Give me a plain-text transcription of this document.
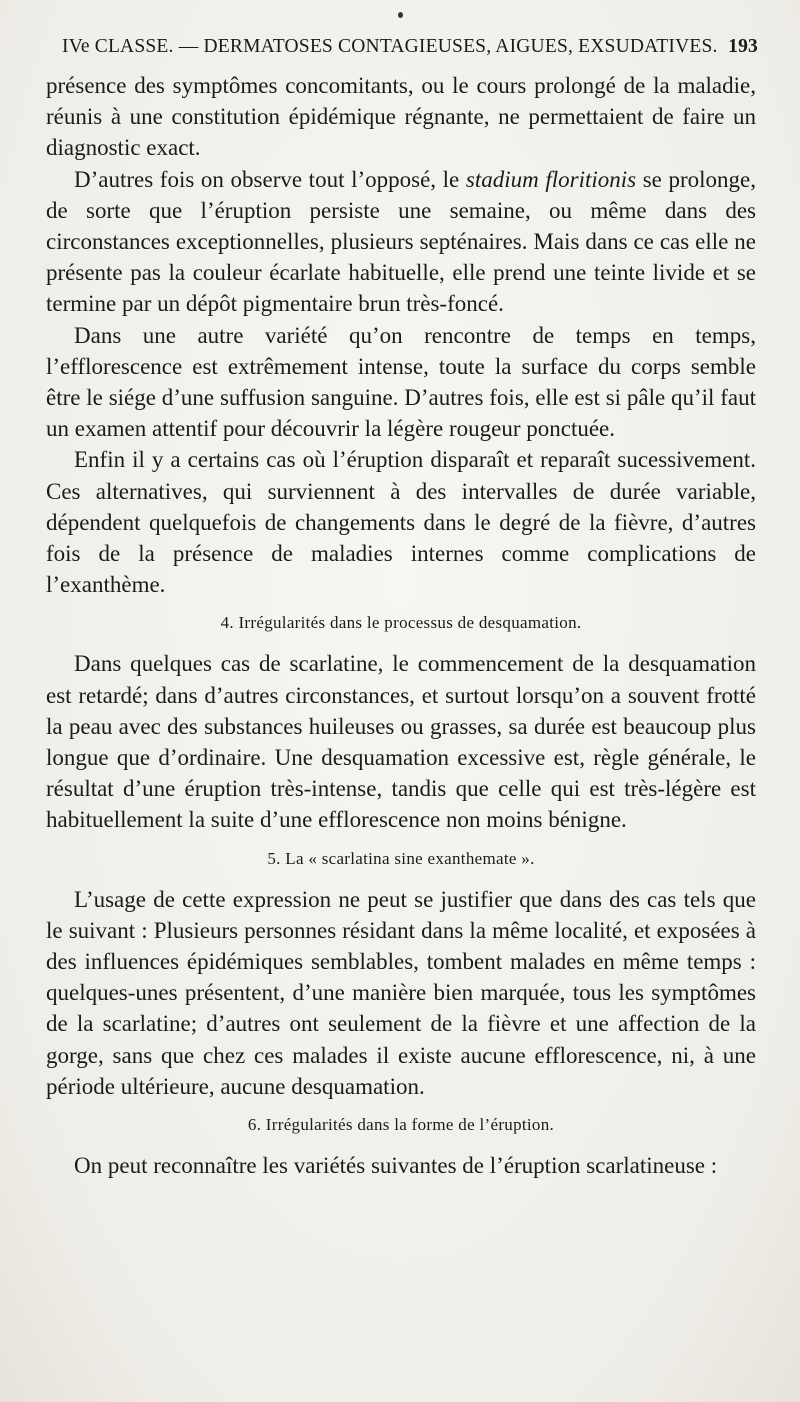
IVe CLASSE. — DERMATOSES CONTAGIEUSES, AIGUES, EXSUDATIVES. 193

présence des symptômes concomitants, ou le cours prolongé de la maladie, réunis à une constitution épidémique régnante, ne permettaient de faire un diagnostic exact.

D’autres fois on observe tout l’opposé, le stadium floritionis se prolonge, de sorte que l’éruption persiste une semaine, ou même dans des circonstances exceptionnelles, plusieurs septénaires. Mais dans ce cas elle ne présente pas la couleur écarlate habituelle, elle prend une teinte livide et se termine par un dépôt pigmentaire brun très-foncé.

Dans une autre variété qu’on rencontre de temps en temps, l’efflorescence est extrêmement intense, toute la surface du corps semble être le siége d’une suffusion sanguine. D’autres fois, elle est si pâle qu’il faut un examen attentif pour découvrir la légère rougeur ponctuée.

Enfin il y a certains cas où l’éruption disparaît et reparaît sucessivement. Ces alternatives, qui surviennent à des intervalles de durée variable, dépendent quelquefois de changements dans le degré de la fièvre, d’autres fois de la présence de maladies internes comme complications de l’exanthème.

4. Irrégularités dans le processus de desquamation.

Dans quelques cas de scarlatine, le commencement de la desquamation est retardé; dans d’autres circonstances, et surtout lorsqu’on a souvent frotté la peau avec des substances huileuses ou grasses, sa durée est beaucoup plus longue que d’ordinaire. Une desquamation excessive est, règle générale, le résultat d’une éruption très-intense, tandis que celle qui est très-légère est habituellement la suite d’une efflorescence non moins bénigne.

5. La « scarlatina sine exanthemate ».

L’usage de cette expression ne peut se justifier que dans des cas tels que le suivant : Plusieurs personnes résidant dans la même localité, et exposées à des influences épidémiques semblables, tombent malades en même temps : quelques-unes présentent, d’une manière bien marquée, tous les symptômes de la scarlatine; d’autres ont seulement de la fièvre et une affection de la gorge, sans que chez ces malades il existe aucune efflorescence, ni, à une période ultérieure, aucune desquamation.

6. Irrégularités dans la forme de l’éruption.

On peut reconnaître les variétés suivantes de l’éruption scarlatineuse :
